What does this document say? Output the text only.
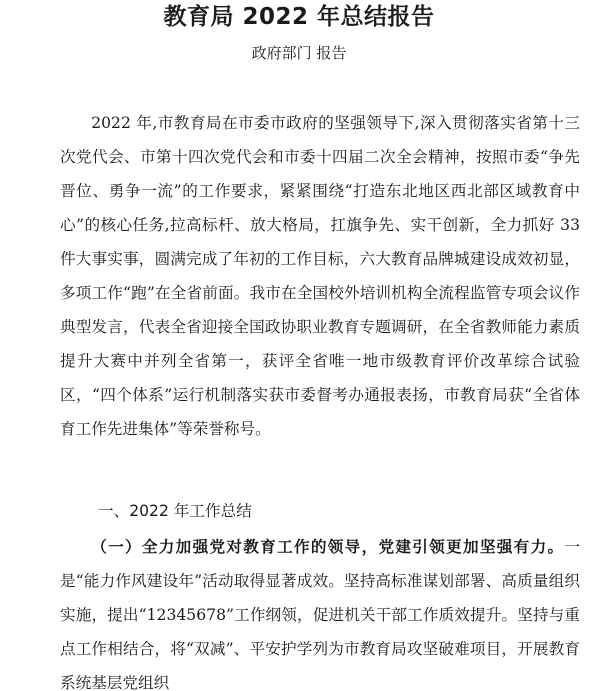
教育局 2022 年总结报告
政府部门 报告
2022 年,市教育局在市委市政府的坚强领导下,深入贯彻落实省第十三次党代会、市第十四次党代会和市委十四届二次全会精神，按照市委“争先晋位、勇争一流”的工作要求，紧紧围绕“打造东北地区西北部区域教育中心”的核心任务,拉高标杆、放大格局，扛旗争先、实干创新，全力抓好 33 件大事实事，圆满完成了年初的工作目标，六大教育品牌城建设成效初显，多项工作“跑”在全省前面。我市在全国校外培训机构全流程监管专项会议作典型发言，代表全省迎接全国政协职业教育专题调研，在全省教师能力素质提升大赛中并列全省第一，获评全省唯一地市级教育评价改革综合试验区，“四个体系”运行机制落实获市委督考办通报表扬，市教育局获“全省体育工作先进集体”等荣誉称号。
一、2022 年工作总结
（一）全力加强党对教育工作的领导，党建引领更加坚强有力。一是“能力作风建设年”活动取得显著成效。坚持高标准谋划部署、高质量组织实施，提出“12345678”工作纲领，促进机关干部工作质效提升。坚持与重点工作相结合，将“双减”、平安护学列为市教育局攻坚破难项目，开展教育系统基层党组织
